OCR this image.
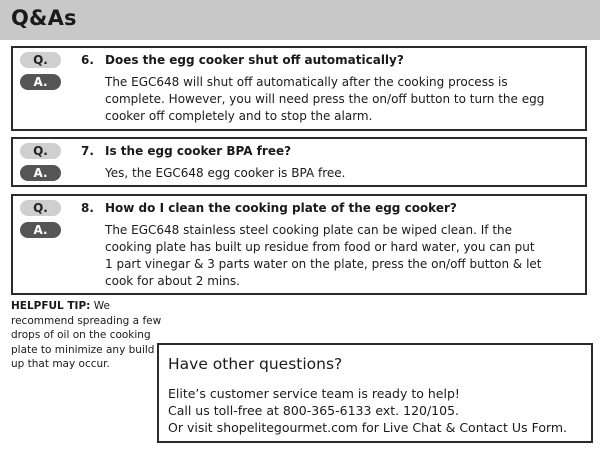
Q&As
Q.
A.
6. Does the egg cooker shut off automatically?
The EGC648 will shut off automatically after the cooking process is complete. However, you will need press the on/off button to turn the egg cooker off completely and to stop the alarm.
Q.
A.
7. Is the egg cooker BPA free?
Yes, the EGC648 egg cooker is BPA free.
Q.
A.
8. How do I clean the cooking plate of the egg cooker?
The EGC648 stainless steel cooking plate can be wiped clean. If the cooking plate has built up residue from food or hard water, you can put 1 part vinegar & 3 parts water on the plate, press the on/off button & let cook for about 2 mins.
HELPFUL TIP: We recommend spreading a few drops of oil on the cooking plate to minimize any build up that may occur.	Have other questions?
Elite’s customer service team is ready to help!
Call us toll-free at 800-365-6133 ext. 120/105.
Or visit shopelitegourmet.com for Live Chat & Contact Us Form.
